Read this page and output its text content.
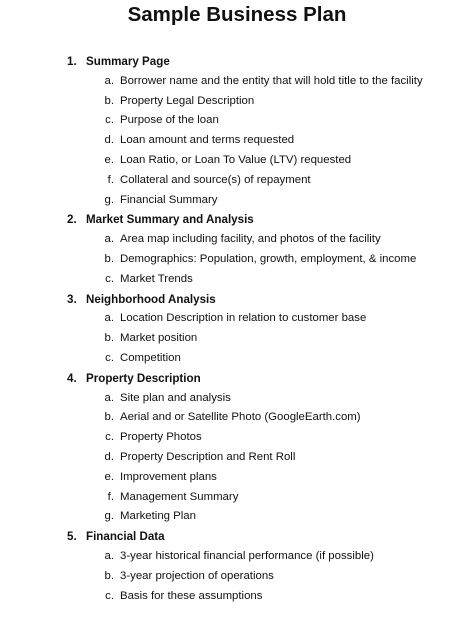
Sample Business Plan
1. Summary Page
a. Borrower name and the entity that will hold title to the facility
b. Property Legal Description
c. Purpose of the loan
d. Loan amount and terms requested
e. Loan Ratio, or Loan To Value (LTV) requested
f. Collateral and source(s) of repayment
g. Financial Summary
2. Market Summary and Analysis
a. Area map including facility, and photos of the facility
b. Demographics: Population, growth, employment, & income
c. Market Trends
3. Neighborhood Analysis
a. Location Description in relation to customer base
b. Market position
c. Competition
4. Property Description
a. Site plan and analysis
b. Aerial and or Satellite Photo (GoogleEarth.com)
c. Property Photos
d. Property Description and Rent Roll
e. Improvement plans
f. Management Summary
g. Marketing Plan
5. Financial Data
a. 3-year historical financial performance (if possible)
b. 3-year projection of operations
c. Basis for these assumptions
